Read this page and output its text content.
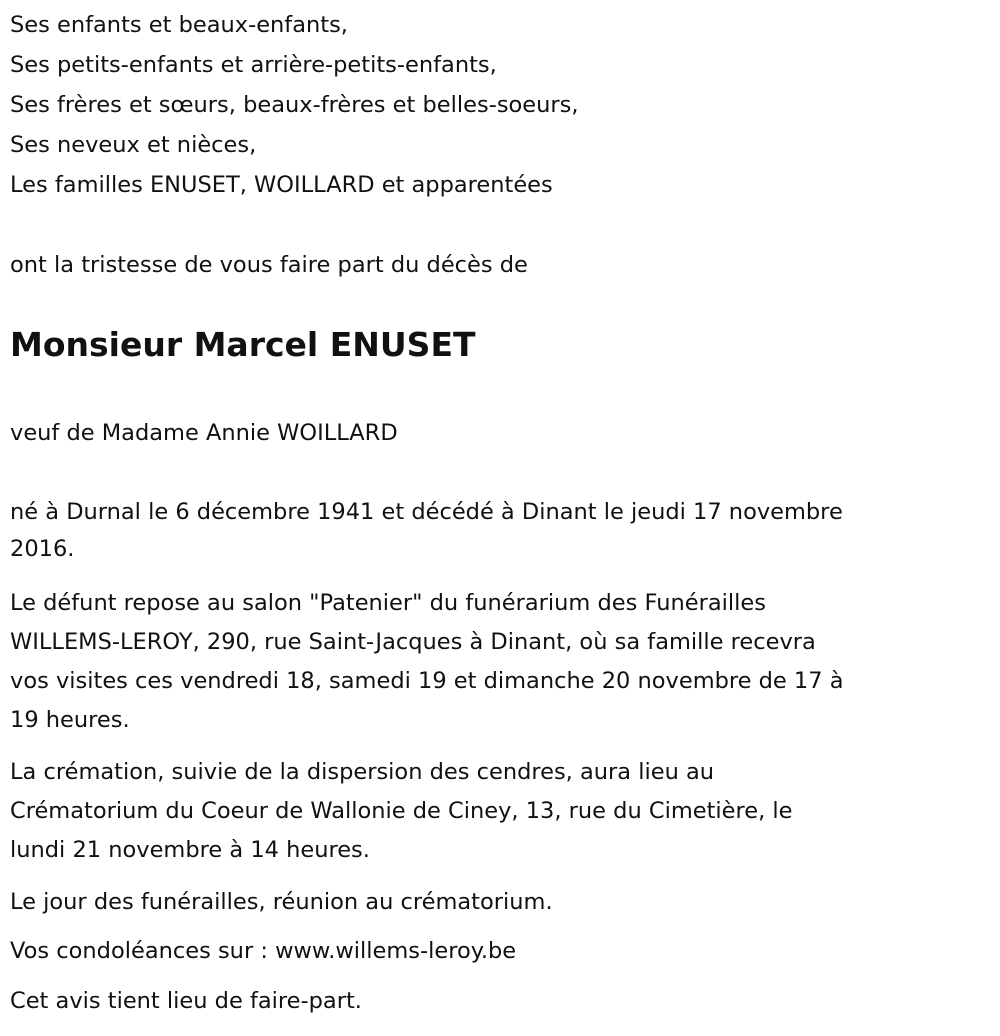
Ses enfants et beaux-enfants,
Ses petits-enfants et arrière-petits-enfants,
Ses frères et sœurs, beaux-frères et belles-soeurs,
Ses neveux et nièces,
Les familles ENUSET, WOILLARD et apparentées
ont la tristesse de vous faire part du décès de
Monsieur Marcel ENUSET
veuf de Madame Annie WOILLARD
né à Durnal le 6 décembre 1941 et décédé à Dinant le jeudi 17 novembre
2016.
Le défunt repose au salon "Patenier" du funérarium des Funérailles
WILLEMS-LEROY, 290, rue Saint-Jacques à Dinant, où sa famille recevra
vos visites ces vendredi 18, samedi 19 et dimanche 20 novembre de 17 à
19 heures.
La crémation, suivie de la dispersion des cendres, aura lieu au
Crématorium du Coeur de Wallonie de Ciney, 13, rue du Cimetière, le
lundi 21 novembre à 14 heures.
Le jour des funérailles, réunion au crématorium.
Vos condoléances sur : www.willems-leroy.be
Cet avis tient lieu de faire-part.
